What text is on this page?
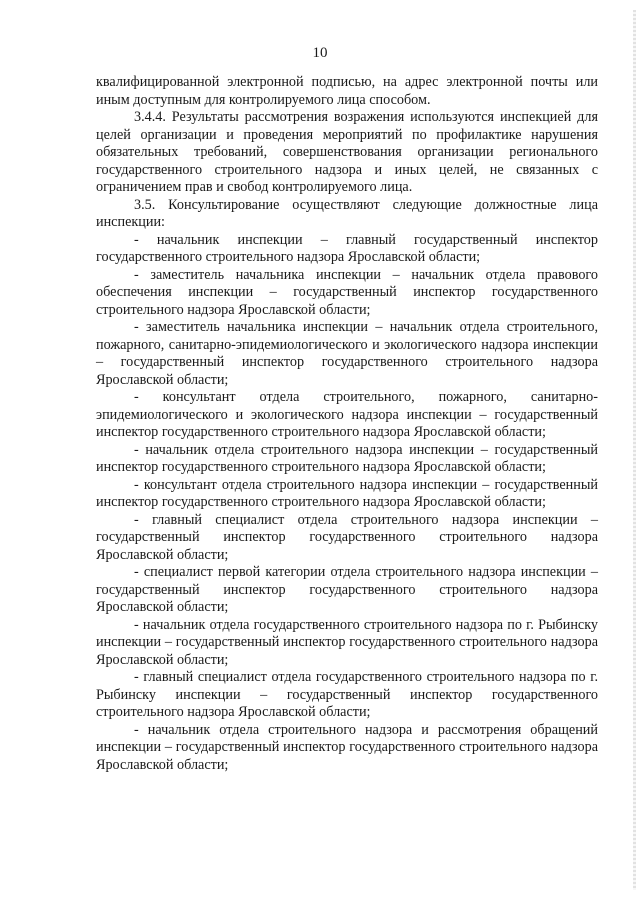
10

квалифицированной электронной подписью, на адрес электронной почты или иным доступным для контролируемого лица способом.

3.4.4. Результаты рассмотрения возражения используются инспекцией для целей организации и проведения мероприятий по профилактике нарушения обязательных требований, совершенствования организации регионального государственного строительного надзора и иных целей, не связанных с ограничением прав и свобод контролируемого лица.

3.5. Консультирование осуществляют следующие должностные лица инспекции:

- начальник инспекции – главный государственный инспектор государственного строительного надзора Ярославской области;

- заместитель начальника инспекции – начальник отдела правового обеспечения инспекции – государственный инспектор государственного строительного надзора Ярославской области;

- заместитель начальника инспекции – начальник отдела строительного, пожарного, санитарно-эпидемиологического и экологического надзора инспекции – государственный инспектор государственного строительного надзора Ярославской области;

- консультант отдела строительного, пожарного, санитарно-эпидемиологического и экологического надзора инспекции – государственный инспектор государственного строительного надзора Ярославской области;

- начальник отдела строительного надзора инспекции – государственный инспектор государственного строительного надзора Ярославской области;

- консультант отдела строительного надзора инспекции – государственный инспектор государственного строительного надзора Ярославской области;

- главный специалист отдела строительного надзора инспекции – государственный инспектор государственного строительного надзора Ярославской области;

- специалист первой категории отдела строительного надзора инспекции – государственный инспектор государственного строительного надзора Ярославской области;

- начальник отдела государственного строительного надзора по г. Рыбинску инспекции – государственный инспектор государственного строительного надзора Ярославской области;

- главный специалист отдела государственного строительного надзора по г. Рыбинску инспекции – государственный инспектор государственного строительного надзора Ярославской области;

- начальник отдела строительного надзора и рассмотрения обращений инспекции – государственный инспектор государственного строительного надзора Ярославской области;
